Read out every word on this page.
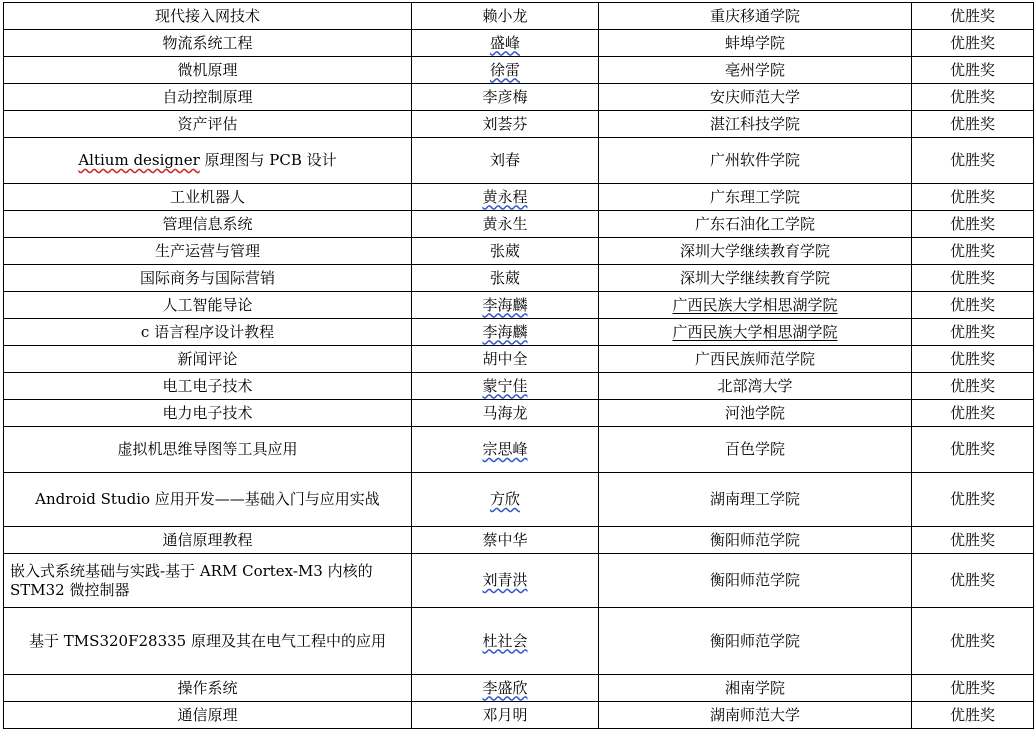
现代接入网技术	赖小龙	重庆移通学院	优胜奖
物流系统工程	盛峰	蚌埠学院	优胜奖
微机原理	徐雷	亳州学院	优胜奖
自动控制原理	李彦梅	安庆师范大学	优胜奖
资产评估	刘荟芬	湛江科技学院	优胜奖
Altium designer 原理图与 PCB 设计	刘春	广州软件学院	优胜奖
工业机器人	黄永程	广东理工学院	优胜奖
管理信息系统	黄永生	广东石油化工学院	优胜奖
生产运营与管理	张葳	深圳大学继续教育学院	优胜奖
国际商务与国际营销	张葳	深圳大学继续教育学院	优胜奖
人工智能导论	李海麟	广西民族大学相思湖学院	优胜奖
c 语言程序设计教程	李海麟	广西民族大学相思湖学院	优胜奖
新闻评论	胡中全	广西民族师范学院	优胜奖
电工电子技术	蒙宁佳	北部湾大学	优胜奖
电力电子技术	马海龙	河池学院	优胜奖
虚拟机思维导图等工具应用	宗思峰	百色学院	优胜奖
Android Studio 应用开发——基础入门与应用实战	方欣	湖南理工学院	优胜奖
通信原理教程	蔡中华	衡阳师范学院	优胜奖
嵌入式系统基础与实践-基于 ARM Cortex-M3 内核的 STM32 微控制器	刘青洪	衡阳师范学院	优胜奖
基于 TMS320F28335 原理及其在电气工程中的应用	杜社会	衡阳师范学院	优胜奖
操作系统	李盛欣	湘南学院	优胜奖
通信原理	邓月明	湖南师范大学	优胜奖
